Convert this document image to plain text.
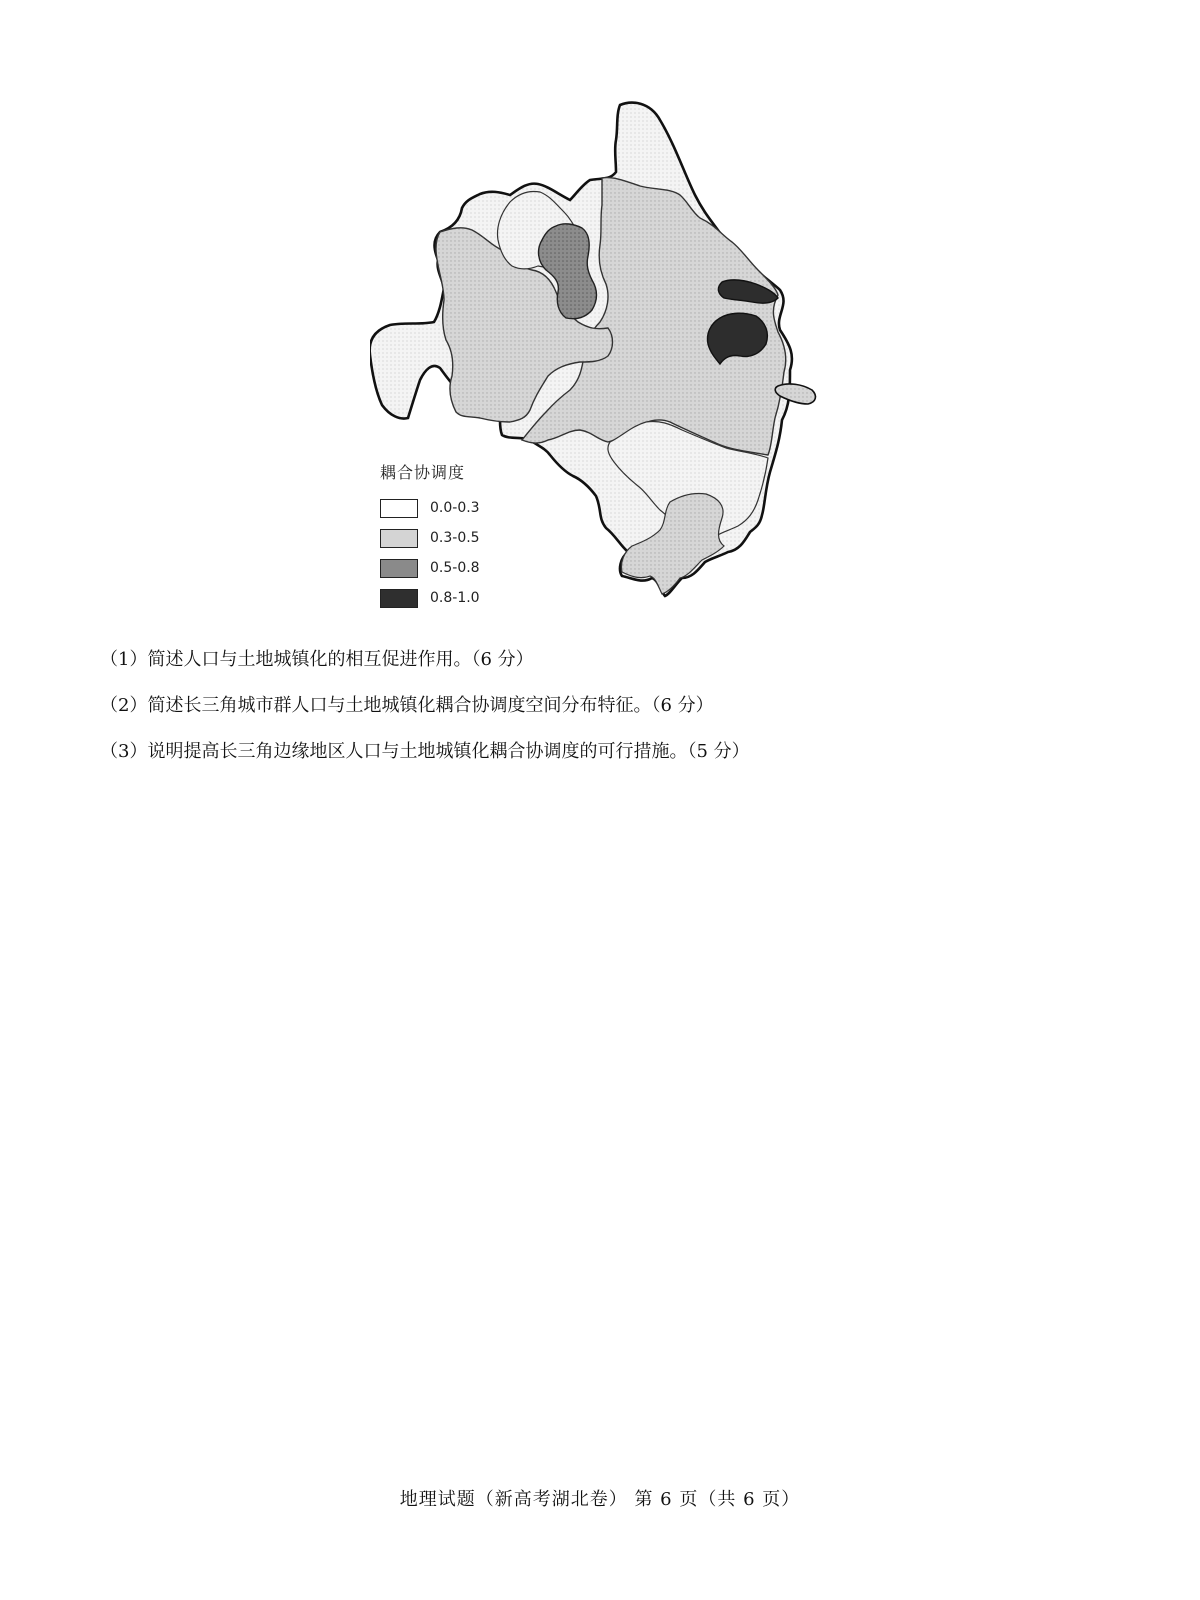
耦合协调度
0.0-0.3
0.3-0.5
0.5-0.8
0.8-1.0
（1）简述人口与土地城镇化的相互促进作用。（6 分）
（2）简述长三角城市群人口与土地城镇化耦合协调度空间分布特征。（6 分）
（3）说明提高长三角边缘地区人口与土地城镇化耦合协调度的可行措施。（5 分）
地理试题（新高考湖北卷） 第 6 页（共 6 页）
